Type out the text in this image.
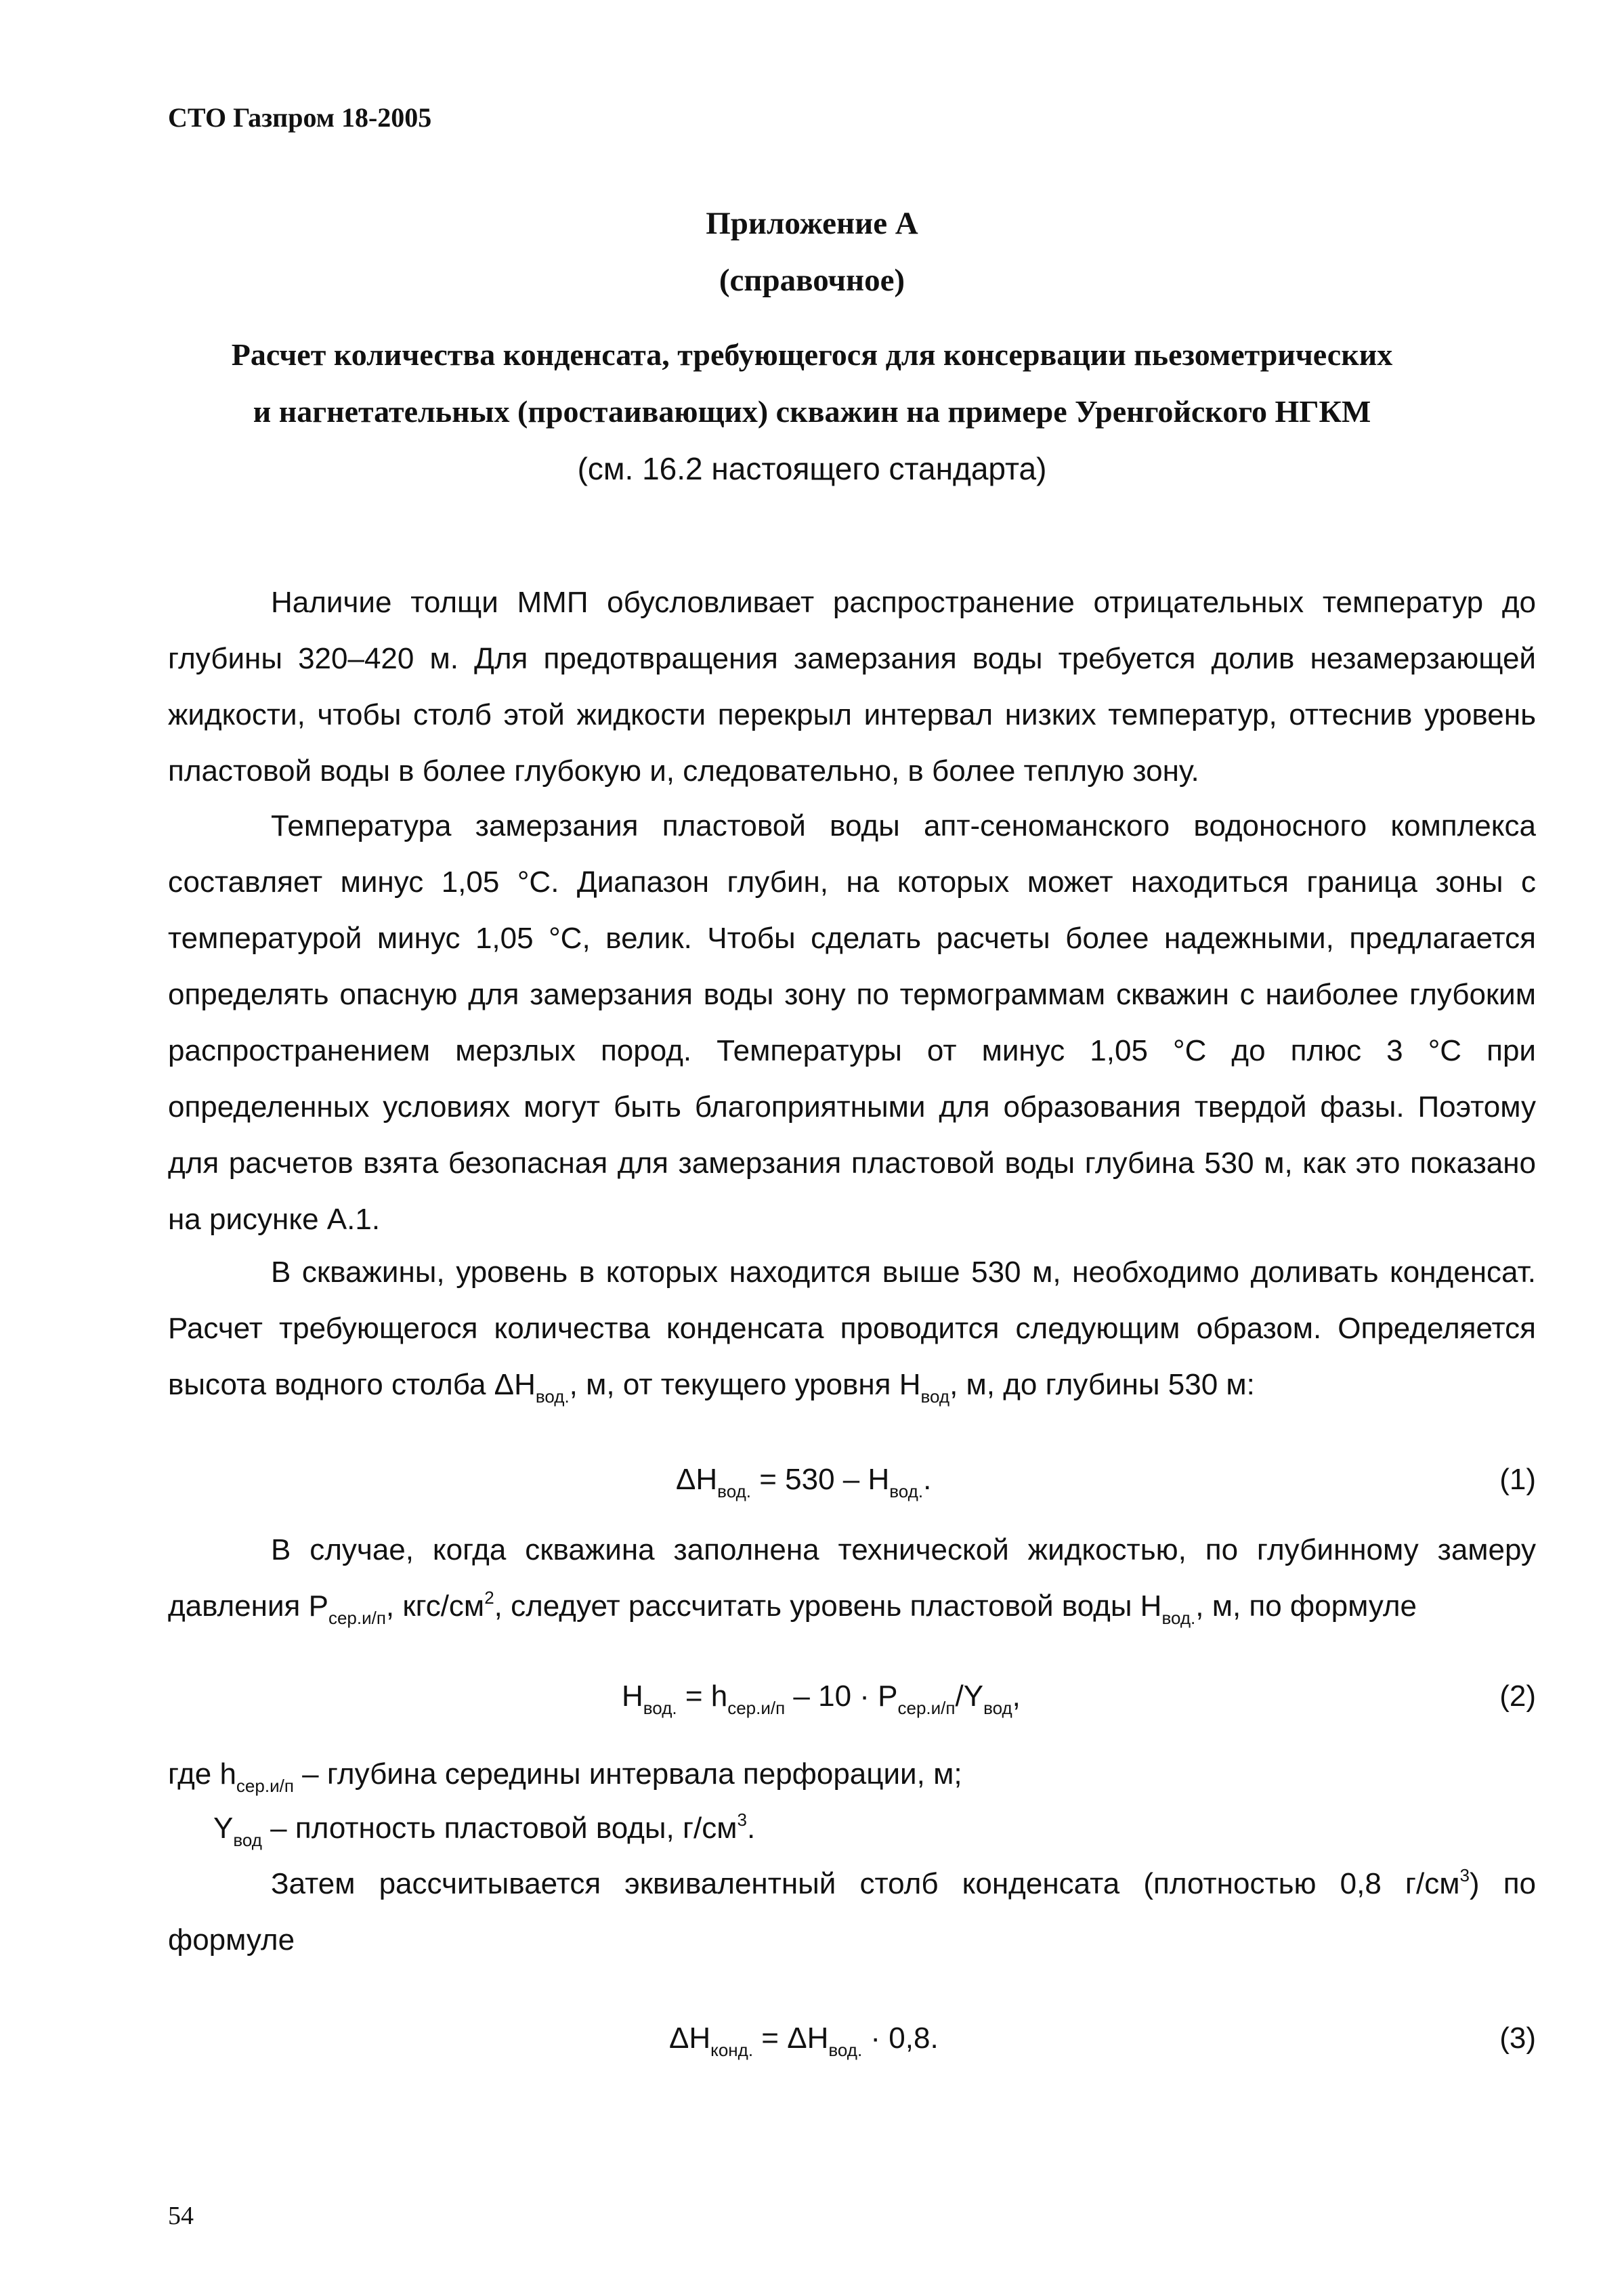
СТО Газпром 18-2005
Приложение А
(справочное)
Расчет количества конденсата, требующегося для консервации пьезометрических
и нагнетательных (простаивающих) скважин на примере Уренгойского НГКМ
(см. 16.2 настоящего стандарта)

Наличие толщи ММП обусловливает распространение отрицательных температур до глубины 320–420 м. Для предотвращения замерзания воды требуется долив незамерзающей жидкости, чтобы столб этой жидкости перекрыл интервал низких температур, оттеснив уровень пластовой воды в более глубокую и, следовательно, в более теплую зону.

Температура замерзания пластовой воды апт-сеноманского водоносного комплекса составляет минус 1,05 °С. Диапазон глубин, на которых может находиться граница зоны с температурой минус 1,05 °С, велик. Чтобы сделать расчеты более надежными, предлагается определять опасную для замерзания воды зону по термограммам скважин с наиболее глубоким распространением мерзлых пород. Температуры от минус 1,05 °С до плюс 3 °С при определенных условиях могут быть благоприятными для образования твердой фазы. Поэтому для расчетов взята безопасная для замерзания пластовой воды глубина 530 м, как это показано на рисунке А.1.

В скважины, уровень в которых находится выше 530 м, необходимо доливать конденсат. Расчет требующегося количества конденсата проводится следующим образом. Определяется высота водного столба $\Delta Н_{вод.}$, м, от текущего уровня $Н_{вод}$, м, до глубины 530 м:

$\Delta Н_{вод.} = 530 - Н_{вод.}$.	(1)

В случае, когда скважина заполнена технической жидкостью, по глубинному замеру давления $Р_{сер.и/п}$, кгс/$см^2$, следует рассчитать уровень пластовой воды $Н_{вод.}$, м, по формуле

$Н_{вод.} = h_{сер.и/п} - 10 \cdot Р_{сер.и/п}/Y_{вод}$,	(2)
где $h_{сер.и/п}$ – глубина середины интервала перфорации, м;
$Y_{вод}$ – плотность пластовой воды, $г/см^3$.

Затем рассчитывается эквивалентный столб конденсата (плотностью 0,8 $г/см^3$) по формуле

$\Delta Н_{конд.} = \Delta Н_{вод.} \cdot 0,8$.	(3)
54
